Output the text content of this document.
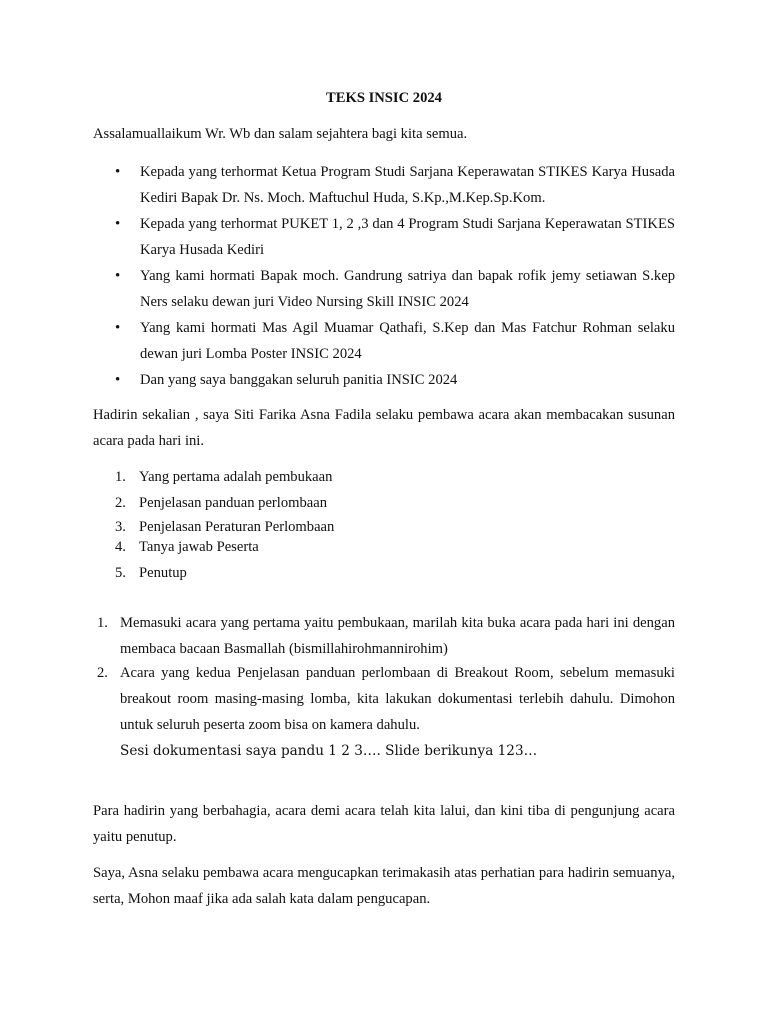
TEKS INSIC 2024
Assalamuallaikum Wr. Wb dan salam sejahtera bagi kita semua.
• Kepada yang terhormat Ketua Program Studi Sarjana Keperawatan STIKES Karya Husada Kediri Bapak Dr. Ns. Moch. Maftuchul Huda, S.Kp.,M.Kep.Sp.Kom.
• Kepada yang terhormat PUKET 1, 2 ,3 dan 4 Program Studi Sarjana Keperawatan STIKES Karya Husada Kediri
• Yang kami hormati Bapak moch. Gandrung satriya dan bapak rofik jemy setiawan S.kep Ners selaku dewan juri Video Nursing Skill INSIC 2024
• Yang kami hormati Mas Agil Muamar Qathafi, S.Kep dan Mas Fatchur Rohman selaku dewan juri Lomba Poster INSIC 2024
• Dan yang saya banggakan seluruh panitia INSIC 2024
Hadirin sekalian , saya Siti Farika Asna Fadila selaku pembawa acara akan membacakan susunan acara pada hari ini.
1. Yang pertama adalah pembukaan
2. Penjelasan panduan perlombaan
3. Penjelasan Peraturan Perlombaan
4. Tanya jawab Peserta
5. Penutup
1. Memasuki acara yang pertama yaitu pembukaan, marilah kita buka acara pada hari ini dengan membaca bacaan Basmallah (bismillahirohmannirohim)
2. Acara yang kedua Penjelasan panduan perlombaan di Breakout Room, sebelum memasuki breakout room masing-masing lomba, kita lakukan dokumentasi terlebih dahulu. Dimohon untuk seluruh peserta zoom bisa on kamera dahulu.
Sesi dokumentasi saya pandu 1 2 3…. Slide berikunya 123…
Para hadirin yang berbahagia, acara demi acara telah kita lalui, dan kini tiba di pengunjung acara yaitu penutup.
Saya, Asna selaku pembawa acara mengucapkan terimakasih atas perhatian para hadirin semuanya, serta, Mohon maaf jika ada salah kata dalam pengucapan.
